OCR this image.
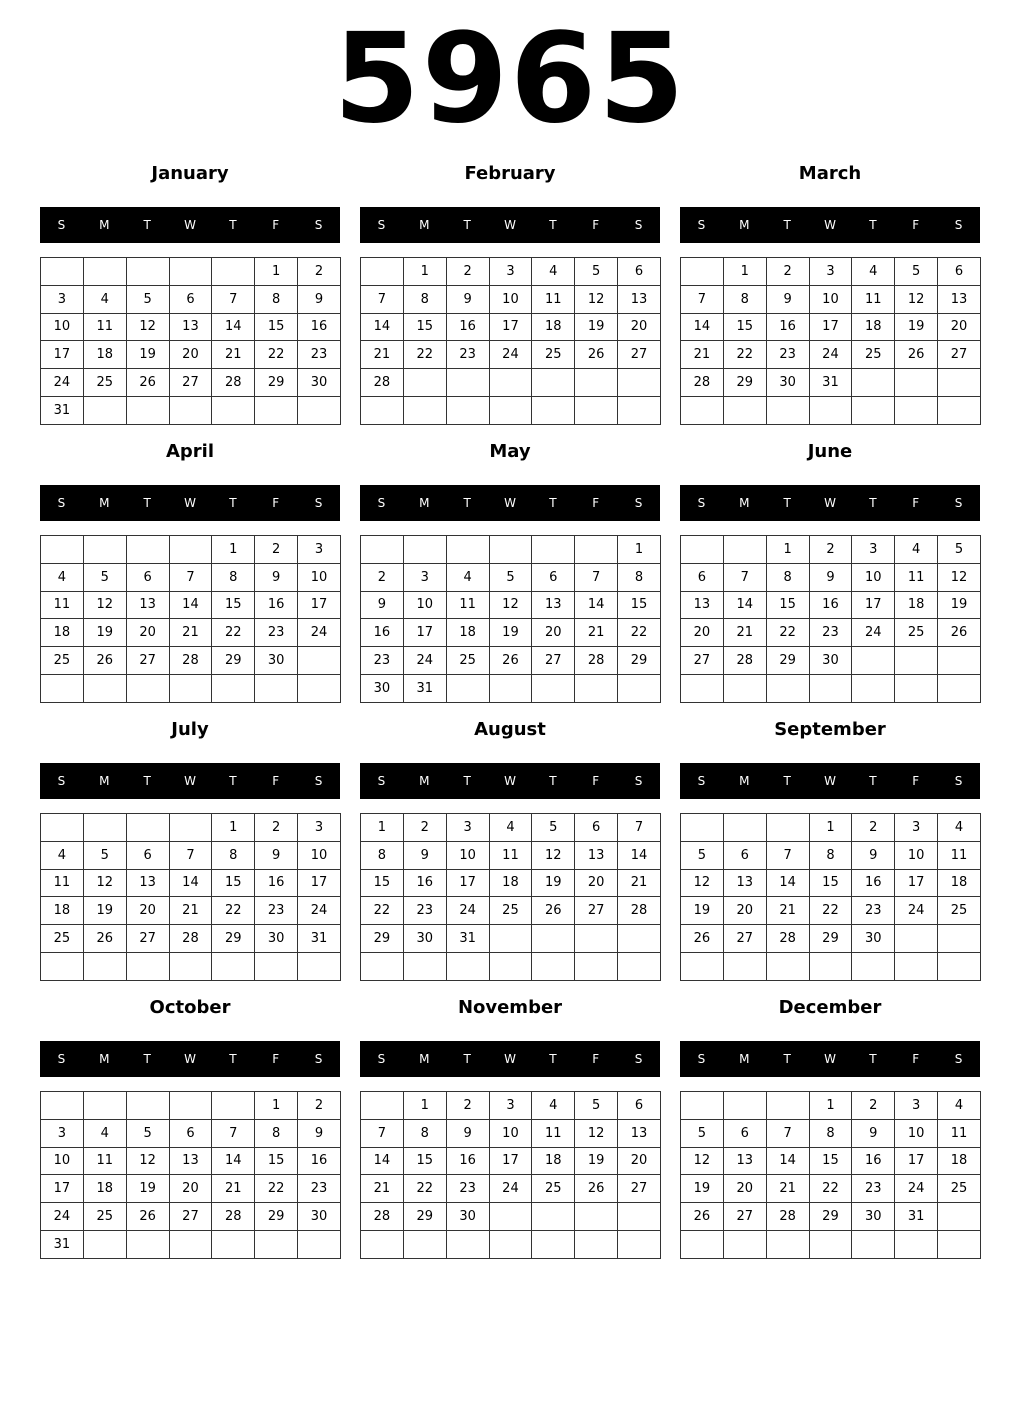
5965
January
S	M	T	W	T	F	S
					1	2
3	4	5	6	7	8	9
10	11	12	13	14	15	16
17	18	19	20	21	22	23
24	25	26	27	28	29	30
31						
February
S	M	T	W	T	F	S
	1	2	3	4	5	6
7	8	9	10	11	12	13
14	15	16	17	18	19	20
21	22	23	24	25	26	27
28						

March
S	M	T	W	T	F	S
	1	2	3	4	5	6
7	8	9	10	11	12	13
14	15	16	17	18	19	20
21	22	23	24	25	26	27
28	29	30	31			

April
S	M	T	W	T	F	S
				1	2	3
4	5	6	7	8	9	10
11	12	13	14	15	16	17
18	19	20	21	22	23	24
25	26	27	28	29	30	

May
S	M	T	W	T	F	S
						1
2	3	4	5	6	7	8
9	10	11	12	13	14	15
16	17	18	19	20	21	22
23	24	25	26	27	28	29
30	31					
June
S	M	T	W	T	F	S
		1	2	3	4	5
6	7	8	9	10	11	12
13	14	15	16	17	18	19
20	21	22	23	24	25	26
27	28	29	30			

July
S	M	T	W	T	F	S
				1	2	3
4	5	6	7	8	9	10
11	12	13	14	15	16	17
18	19	20	21	22	23	24
25	26	27	28	29	30	31

August
S	M	T	W	T	F	S
1	2	3	4	5	6	7
8	9	10	11	12	13	14
15	16	17	18	19	20	21
22	23	24	25	26	27	28
29	30	31				

September
S	M	T	W	T	F	S
			1	2	3	4
5	6	7	8	9	10	11
12	13	14	15	16	17	18
19	20	21	22	23	24	25
26	27	28	29	30		

October
S	M	T	W	T	F	S
					1	2
3	4	5	6	7	8	9
10	11	12	13	14	15	16
17	18	19	20	21	22	23
24	25	26	27	28	29	30
31						
November
S	M	T	W	T	F	S
	1	2	3	4	5	6
7	8	9	10	11	12	13
14	15	16	17	18	19	20
21	22	23	24	25	26	27
28	29	30				

December
S	M	T	W	T	F	S
			1	2	3	4
5	6	7	8	9	10	11
12	13	14	15	16	17	18
19	20	21	22	23	24	25
26	27	28	29	30	31	
